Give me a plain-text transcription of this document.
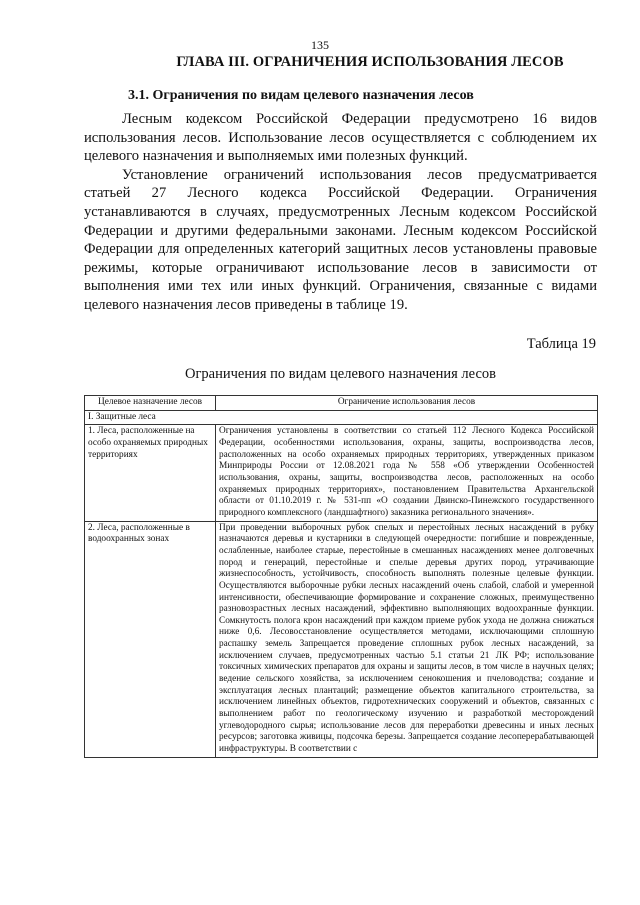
135
ГЛАВА III. ОГРАНИЧЕНИЯ ИСПОЛЬЗОВАНИЯ ЛЕСОВ
3.1. Ограничения по видам целевого назначения лесов

Лесным кодексом Российской Федерации предусмотрено 16 видов использования лесов. Использование лесов осуществляется с соблюдением их целевого назначения и выполняемых ими полезных функций.

Установление ограничений использования лесов предусматривается статьей 27 Лесного кодекса Российской Федерации. Ограничения устанавливаются в случаях, предусмотренных Лесным кодексом Российской Федерации и другими федеральными законами. Лесным кодексом Российской Федерации для определенных категорий защитных лесов установлены правовые режимы, которые ограничивают использование лесов в зависимости от выполнения ими тех или иных функций. Ограничения, связанные с видами целевого назначения лесов приведены в таблице 19.

Таблица 19
Ограничения по видам целевого назначения лесов
Целевое назначение лесов	Ограничение использования лесов
I. Защитные леса	
1. Леса, расположенные на особо охраняемых природных территориях	Ограничения установлены в соответствии со статьей 112 Лесного Кодекса Российской Федерации, особенностями использования, охраны, защиты, воспроизводства лесов, расположенных на особо охраняемых природных территориях, утвержденных приказом Минприроды России от 12.08.2021 года № 558 «Об утверждении Особенностей использования, охраны, защиты, воспроизводства лесов, расположенных на особо охраняемых природных территориях», постановлением Правительства Архангельской области от 01.10.2019 г. № 531-пп «О создании Двинско-Пинежского государственного природного комплексного (ландшафтного) заказника регионального значения».
2. Леса, расположенные в водоохранных зонах	При проведении выборочных рубок спелых и перестойных лесных насаждений в рубку назначаются деревья и кустарники в следующей очередности: погибшие и поврежденные, ослабленные, наиболее старые, перестойные в смешанных насаждениях менее долговечных пород и генераций, перестойные и спелые деревья других пород, утрачивающие жизнеспособность, устойчивость, способность выполнять полезные целевые функции. Осуществляются выборочные рубки лесных насаждений очень слабой, слабой и умеренной интенсивности, обеспечивающие формирование и сохранение сложных, преимущественно разновозрастных лесных насаждений, эффективно выполняющих водоохранные функции. Сомкнутость полога крон насаждений при каждом приеме рубок ухода не должна снижаться ниже 0,6. Лесовосстановление осуществляется методами, исключающими сплошную распашку земель Запрещается проведение сплошных рубок лесных насаждений, за исключением случаев, предусмотренных частью 5.1 статьи 21 ЛК РФ; использование токсичных химических препаратов для охраны и защиты лесов, в том числе в научных целях; ведение сельского хозяйства, за исключением сенокошения и пчеловодства; создание и эксплуатация лесных плантаций; размещение объектов капитального строительства, за исключением линейных объектов, гидротехнических сооружений и объектов, связанных с выполнением работ по геологическому изучению и разработкой месторождений углеводородного сырья; использование лесов для переработки древесины и иных лесных ресурсов; заготовка живицы, подсочка березы. Запрещается создание лесоперерабатывающей инфраструктуры. В соответствии с
